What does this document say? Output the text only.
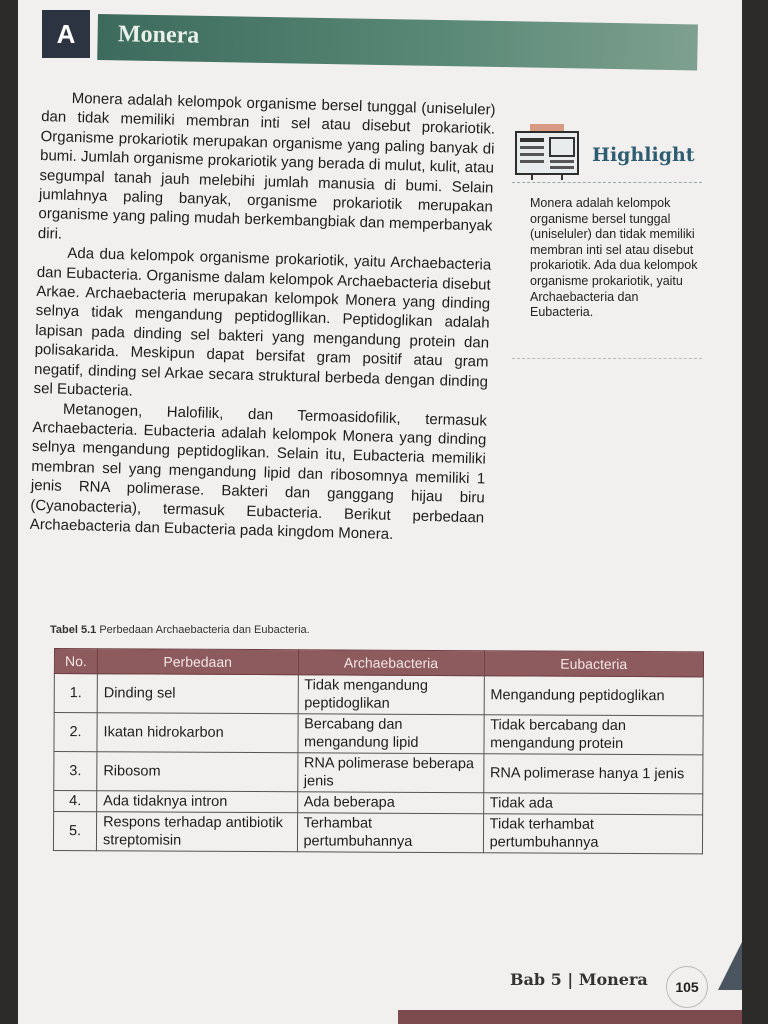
A	Monera

Monera adalah kelompok organisme bersel tunggal (uniseluler) dan tidak memiliki membran inti sel atau disebut prokariotik. Organisme prokariotik merupakan organisme yang paling banyak di bumi. Jumlah organisme prokariotik yang berada di mulut, kulit, atau segumpal tanah jauh melebihi jumlah manusia di bumi. Selain jumlahnya paling banyak, organisme prokariotik merupakan organisme yang paling mudah berkembangbiak dan memperbanyak diri.

Ada dua kelompok organisme prokariotik, yaitu Archaebacteria dan Eubacteria. Organisme dalam kelompok Archaebacteria disebut Arkae. Archaebacteria merupakan kelompok Monera yang dinding selnya tidak mengandung peptidogllikan. Peptidoglikan adalah lapisan pada dinding sel bakteri yang mengandung protein dan polisakarida. Meskipun dapat bersifat gram positif atau gram negatif, dinding sel Arkae secara struktural berbeda dengan dinding sel Eubacteria.

Metanogen, Halofilik, dan Termoasidofilik, termasuk Archaebacteria. Eubacteria adalah kelompok Monera yang dinding selnya mengandung peptidoglikan. Selain itu, Eubacteria memiliki membran sel yang mengandung lipid dan ribosomnya memiliki 1 jenis RNA polimerase. Bakteri dan ganggang hijau biru (Cyanobacteria), termasuk Eubacteria. Berikut perbedaan Archaebacteria dan Eubacteria pada kingdom Monera.

Highlight
Monera adalah kelompok organisme bersel tunggal (uniseluler) dan tidak memiliki membran inti sel atau disebut prokariotik. Ada dua kelompok organisme prokariotik, yaitu Archaebacteria dan Eubacteria.
Tabel 5.1 Perbedaan Archaebacteria dan Eubacteria.
No.	Perbedaan	Archaebacteria	Eubacteria
1.	Dinding sel	Tidak mengandung peptidoglikan	Mengandung peptidoglikan
2.	Ikatan hidrokarbon	Bercabang dan mengandung lipid	Tidak bercabang dan mengandung protein
3.	Ribosom	RNA polimerase beberapa jenis	RNA polimerase hanya 1 jenis
4.	Ada tidaknya intron	Ada beberapa	Tidak ada
5.	Respons terhadap antibiotik streptomisin	Terhambat pertumbuhannya	Tidak terhambat pertumbuhannya
Bab 5 | Monera	105
